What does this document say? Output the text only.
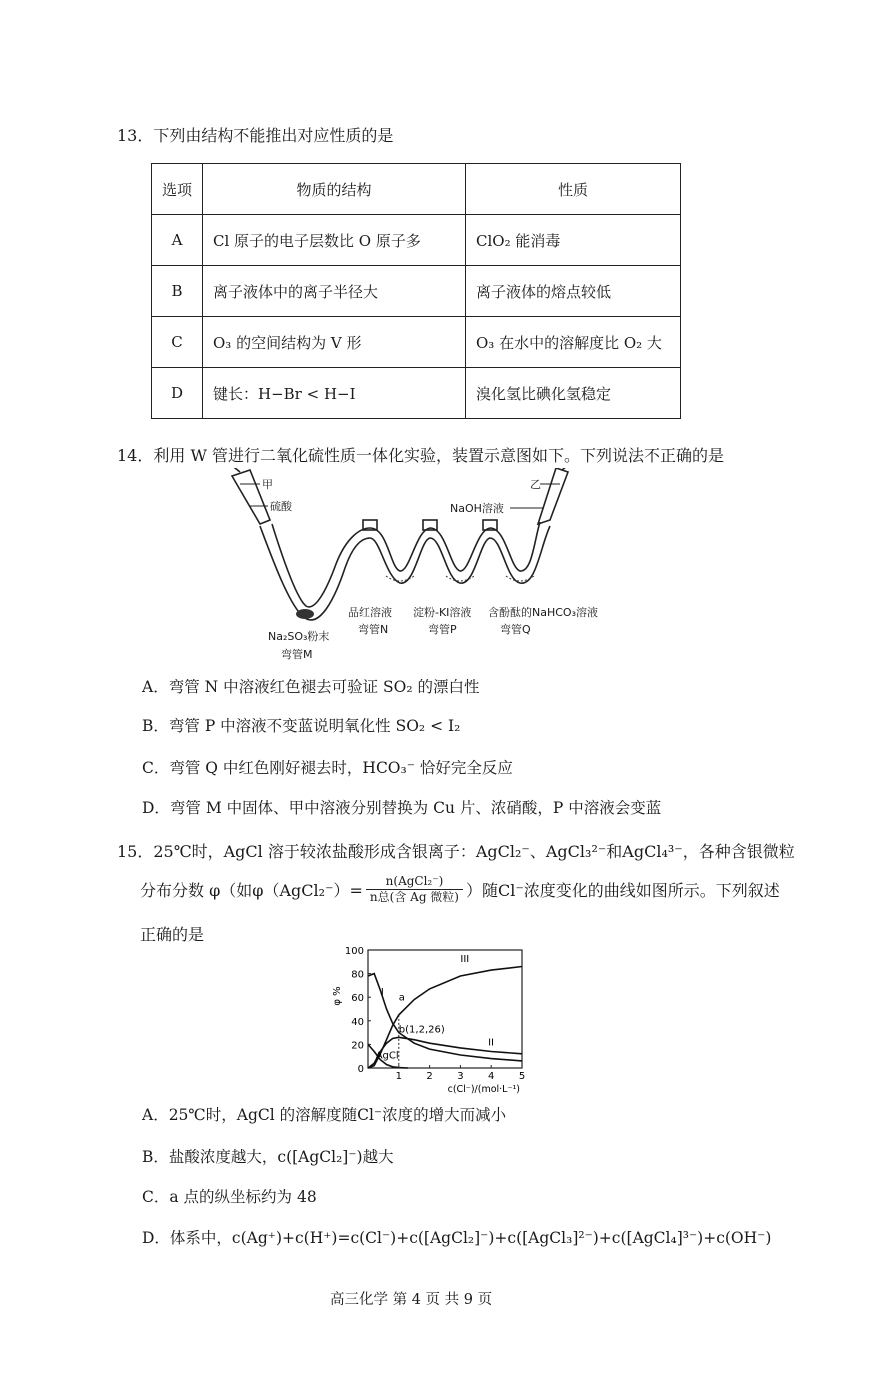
13．下列由结构不能推出对应性质的是
选项	物质的结构	性质
A	Cl 原子的电子层数比 O 原子多	ClO₂ 能消毒
B	离子液体中的离子半径大	离子液体的熔点较低
C	O₃ 的空间结构为 V 形	O₃ 在水中的溶解度比 O₂ 大
D	键长：H−Br < H−I	溴化氢比碘化氢稳定
14．利用 W 管进行二氧化硫性质一体化实验，装置示意图如下。下列说法不正确的是
甲
硫酸
乙
NaOH溶液
Na₂SO₃粉末
弯管M
品红溶液
弯管N
淀粉-KI溶液
弯管P
含酚酞的NaHCO₃溶液
弯管Q
A．弯管 N 中溶液红色褪去可验证 SO₂ 的漂白性
B．弯管 P 中溶液不变蓝说明氧化性 SO₂ < I₂
C．弯管 Q 中红色刚好褪去时，HCO₃⁻ 恰好完全反应
D．弯管 M 中固体、甲中溶液分别替换为 Cu 片、浓硝酸，P 中溶液会变蓝
15．25℃时，AgCl 溶于较浓盐酸形成含银离子：AgCl₂⁻、AgCl₃²⁻和AgCl₄³⁻，各种含银微粒
分布分数 φ（如φ（AgCl₂⁻）= $\frac{\text{n(AgCl₂⁻)}}{\text{n总(含 Ag 微粒)}}$ ）随Cl⁻浓度变化的曲线如图所示。下列叙述
正确的是
0
20
40
60
80
100
1 2 3 4 5
φ %
c(Cl⁻)/(mol·L⁻¹)
I
II
III
a
b(1,2,26)
AgCl
A．25℃时，AgCl 的溶解度随Cl⁻浓度的增大而减小
B．盐酸浓度越大，c([AgCl₂]⁻)越大
C．a 点的纵坐标约为 48
D．体系中，c(Ag⁺)+c(H⁺)=c(Cl⁻)+c([AgCl₂]⁻)+c([AgCl₃]²⁻)+c([AgCl₄]³⁻)+c(OH⁻)
高三化学 第 4 页 共 9 页
